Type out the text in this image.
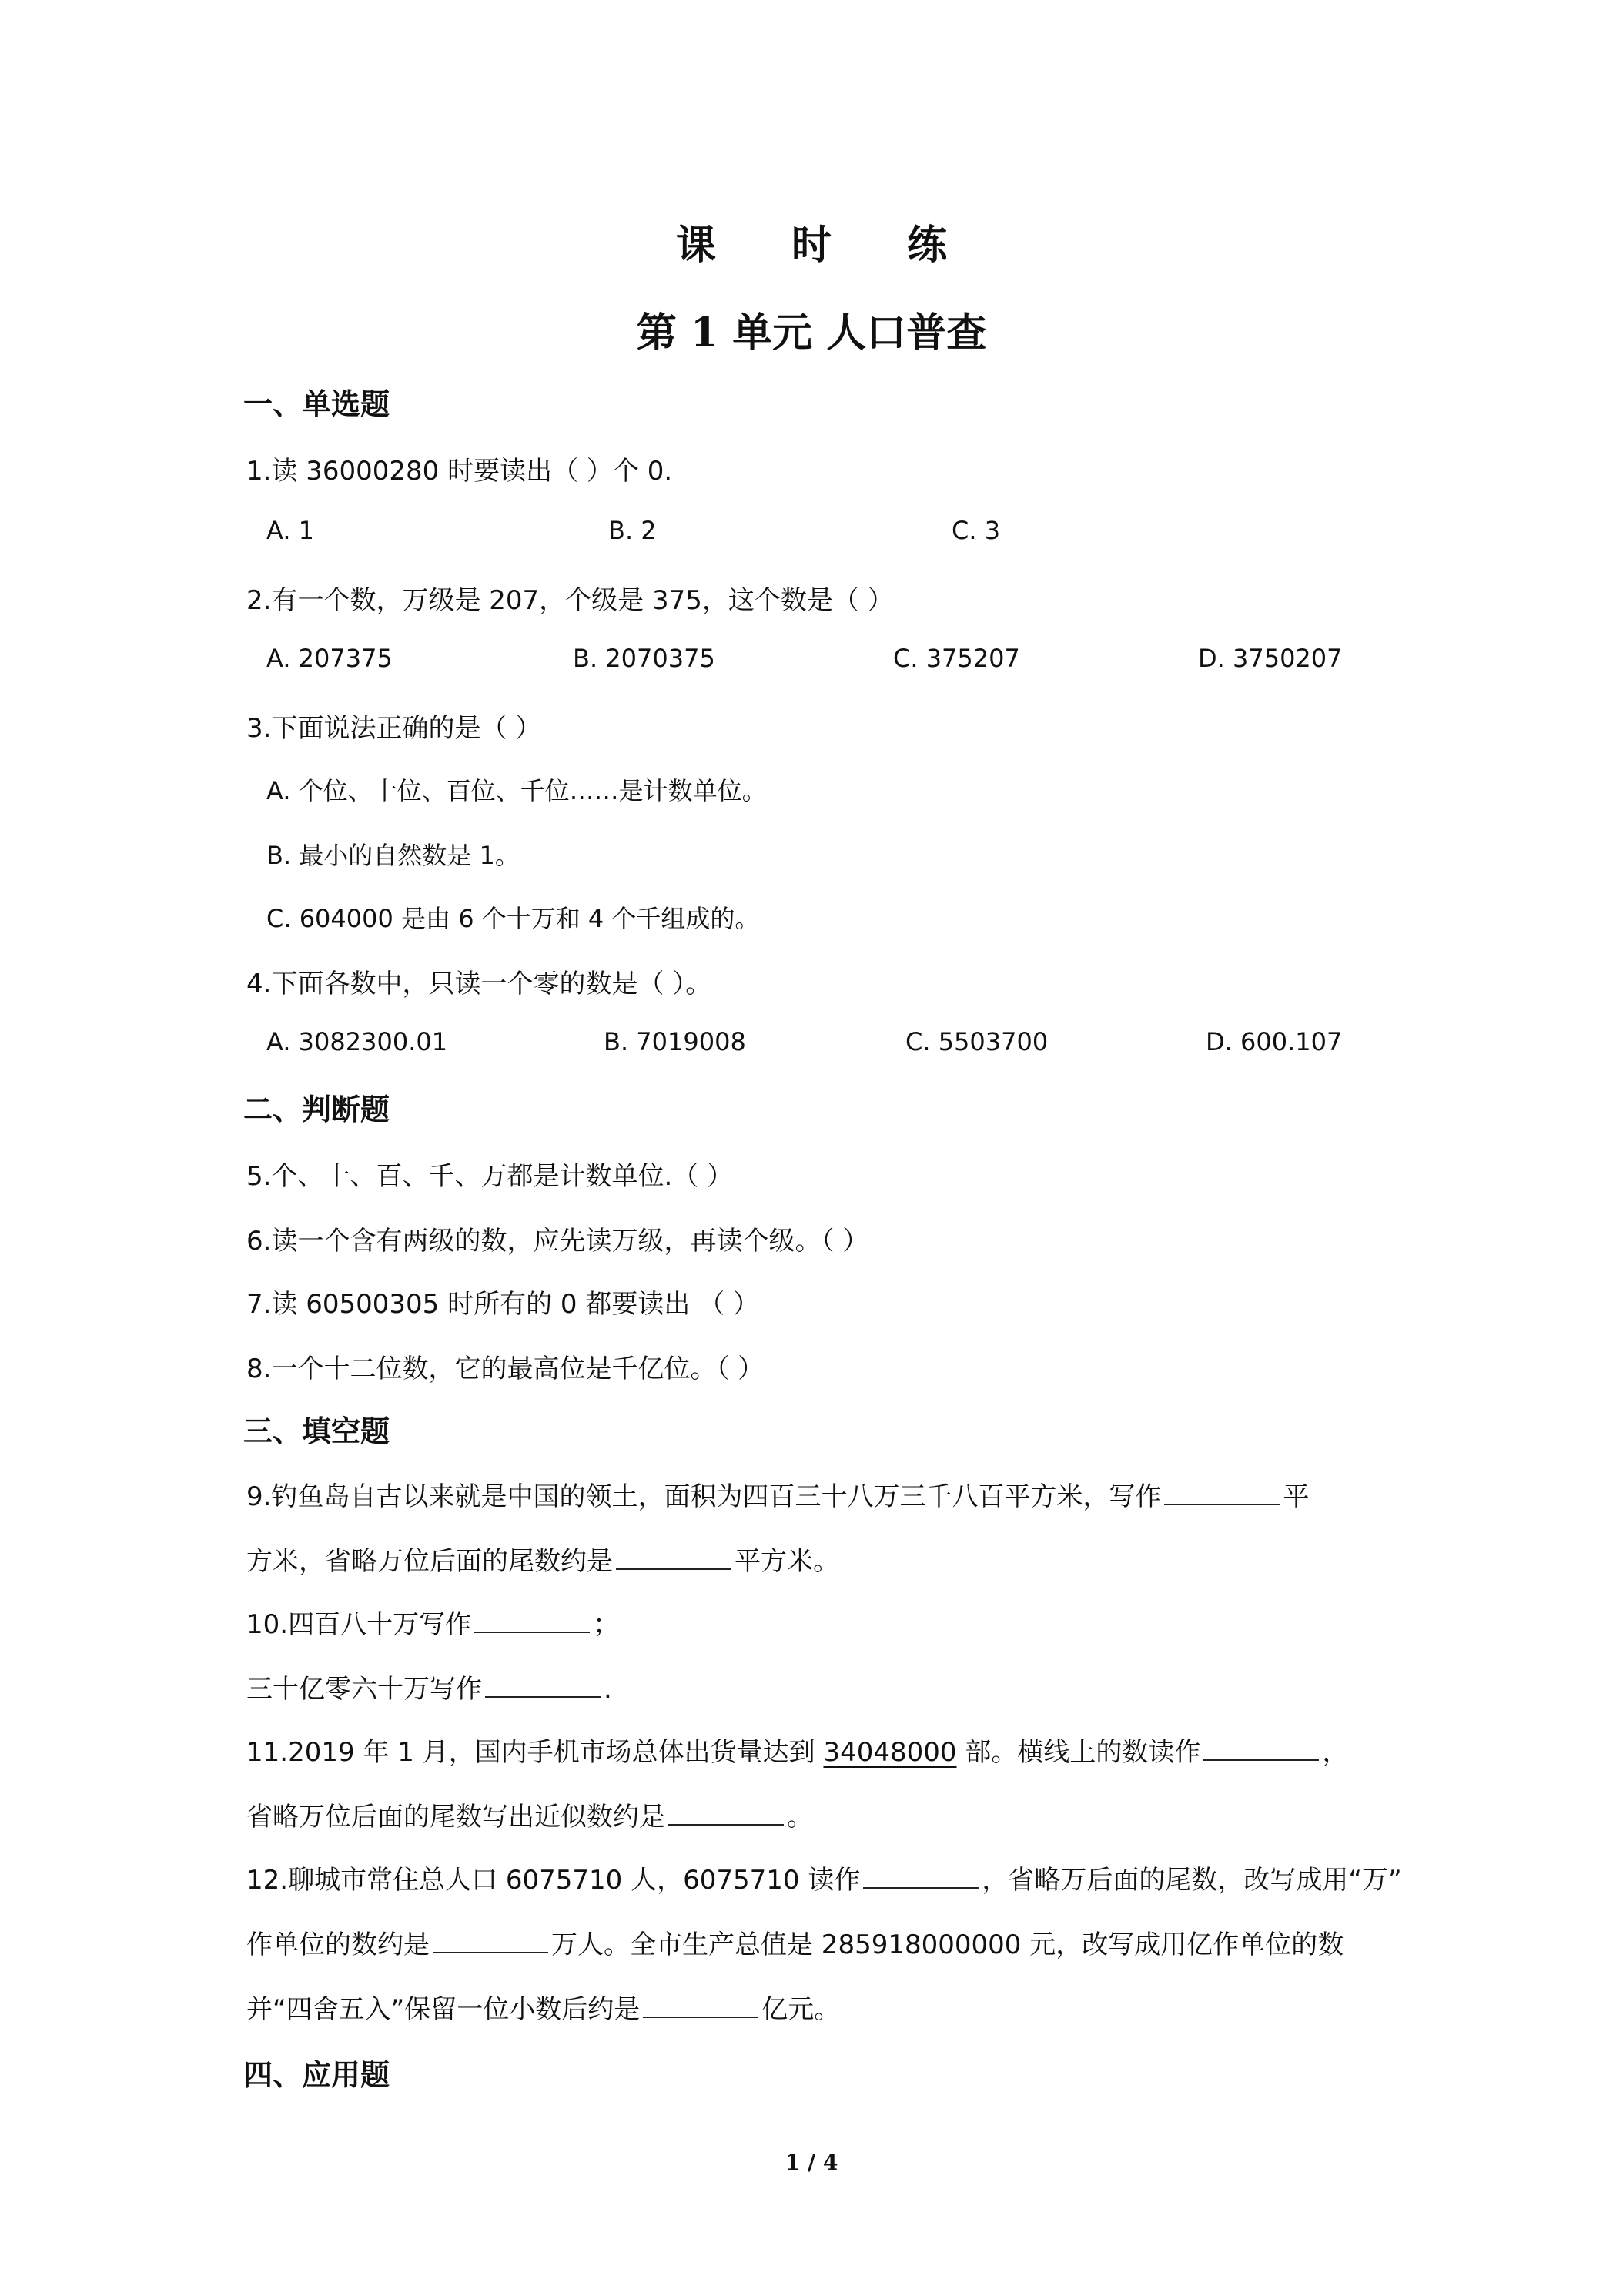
课 时 练
第 1 单元 人口普查
一、单选题
1.读 36000280 时要读出（ ）个 0.
A. 1	B. 2	C. 3
2.有一个数，万级是 207，个级是 375，这个数是（ ）
A. 207375	B. 2070375	C. 375207	D. 3750207
3.下面说法正确的是（ ）
A. 个位、十位、百位、千位……是计数单位。
B. 最小的自然数是 1。
C. 604000 是由 6 个十万和 4 个千组成的。
4.下面各数中，只读一个零的数是（ ）。
A. 3082300.01	B. 7019008	C. 5503700	D. 600.107
二、判断题
5.个、十、百、千、万都是计数单位.（ ）
6.读一个含有两级的数，应先读万级，再读个级。（ ）
7.读 60500305 时所有的 0 都要读出 （ ）
8.一个十二位数，它的最高位是千亿位。（ ）
三、填空题
9.钓鱼岛自古以来就是中国的领土，面积为四百三十八万三千八百平方米，写作	平
方米，省略万位后面的尾数约是	平方米。
10.四百八十万写作	；
三十亿零六十万写作	.
11.2019 年 1 月，国内手机市场总体出货量达到 34048000 部。横线上的数读作	，
省略万位后面的尾数写出近似数约是	。
12.聊城市常住总人口 6075710 人，6075710 读作	，省略万后面的尾数，改写成用“万”
作单位的数约是	万人。全市生产总值是 285918000000 元，改写成用亿作单位的数
并“四舍五入”保留一位小数后约是	亿元。
四、应用题
1 / 4
